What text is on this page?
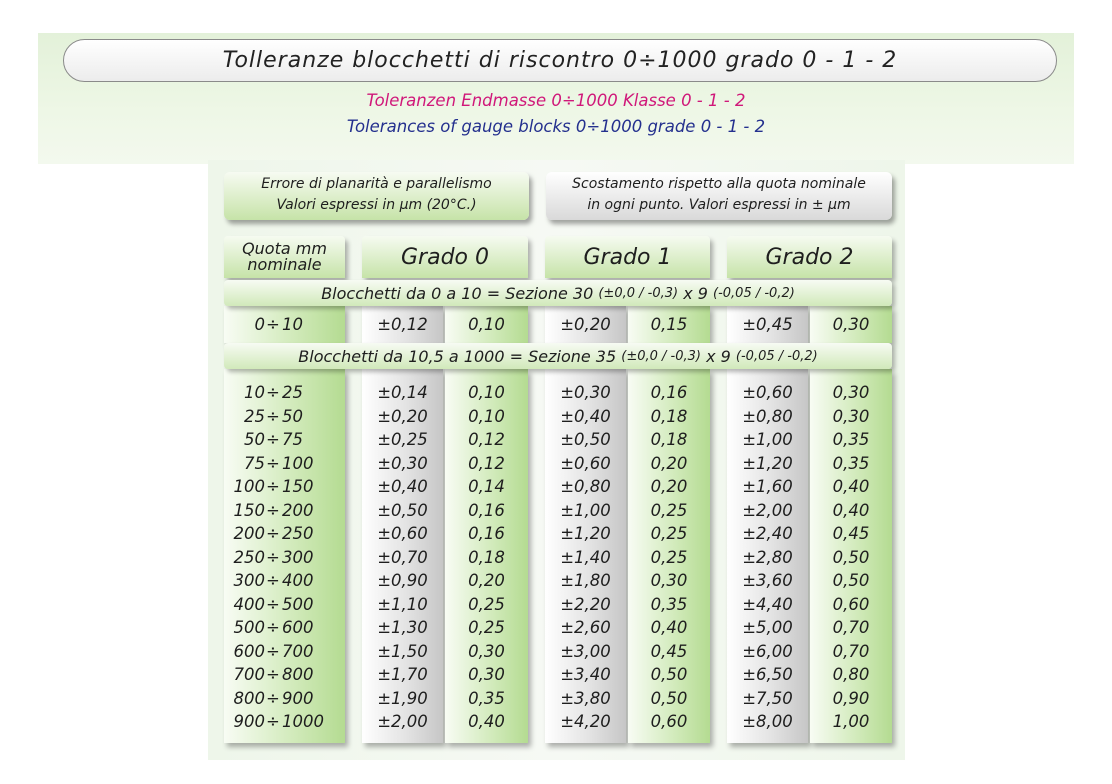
Tolleranze blocchetti di riscontro 0÷1000 grado 0 - 1 - 2
Toleranzen Endmasse 0÷1000 Klasse 0 - 1 - 2
Tolerances of gauge blocks 0÷1000 grade 0 - 1 - 2
Errore di planarità e parallelismo
Valori espressi in µm (20°C.)
Scostamento rispetto alla quota nominale
in ogni punto. Valori espressi in ± µm
Quota mm
nominale	Grado 0	Grado 1	Grado 2
Blocchetti da 0 a 10 = Sezione 30
(±0,0 / -0,3)
x 9
(-0,05 / -0,2)
Blocchetti da 10,5 a 1000 = Sezione 35
(±0,0 / -0,3)
x 9
(-0,05 / -0,2)
0 ÷ 10	±0,12	0,10	±0,20	0,15	±0,45	0,30
10 ÷ 25	±0,14	0,10	±0,30	0,16	±0,60	0,30
25 ÷ 50	±0,20	0,10	±0,40	0,18	±0,80	0,30
50 ÷ 75	±0,25	0,12	±0,50	0,18	±1,00	0,35
75 ÷ 100	±0,30	0,12	±0,60	0,20	±1,20	0,35
100 ÷ 150	±0,40	0,14	±0,80	0,20	±1,60	0,40
150 ÷ 200	±0,50	0,16	±1,00	0,25	±2,00	0,40
200 ÷ 250	±0,60	0,16	±1,20	0,25	±2,40	0,45
250 ÷ 300	±0,70	0,18	±1,40	0,25	±2,80	0,50
300 ÷ 400	±0,90	0,20	±1,80	0,30	±3,60	0,50
400 ÷ 500	±1,10	0,25	±2,20	0,35	±4,40	0,60
500 ÷ 600	±1,30	0,25	±2,60	0,40	±5,00	0,70
600 ÷ 700	±1,50	0,30	±3,00	0,45	±6,00	0,70
700 ÷ 800	±1,70	0,30	±3,40	0,50	±6,50	0,80
800 ÷ 900	±1,90	0,35	±3,80	0,50	±7,50	0,90
900 ÷ 1000	±2,00	0,40	±4,20	0,60	±8,00	1,00
